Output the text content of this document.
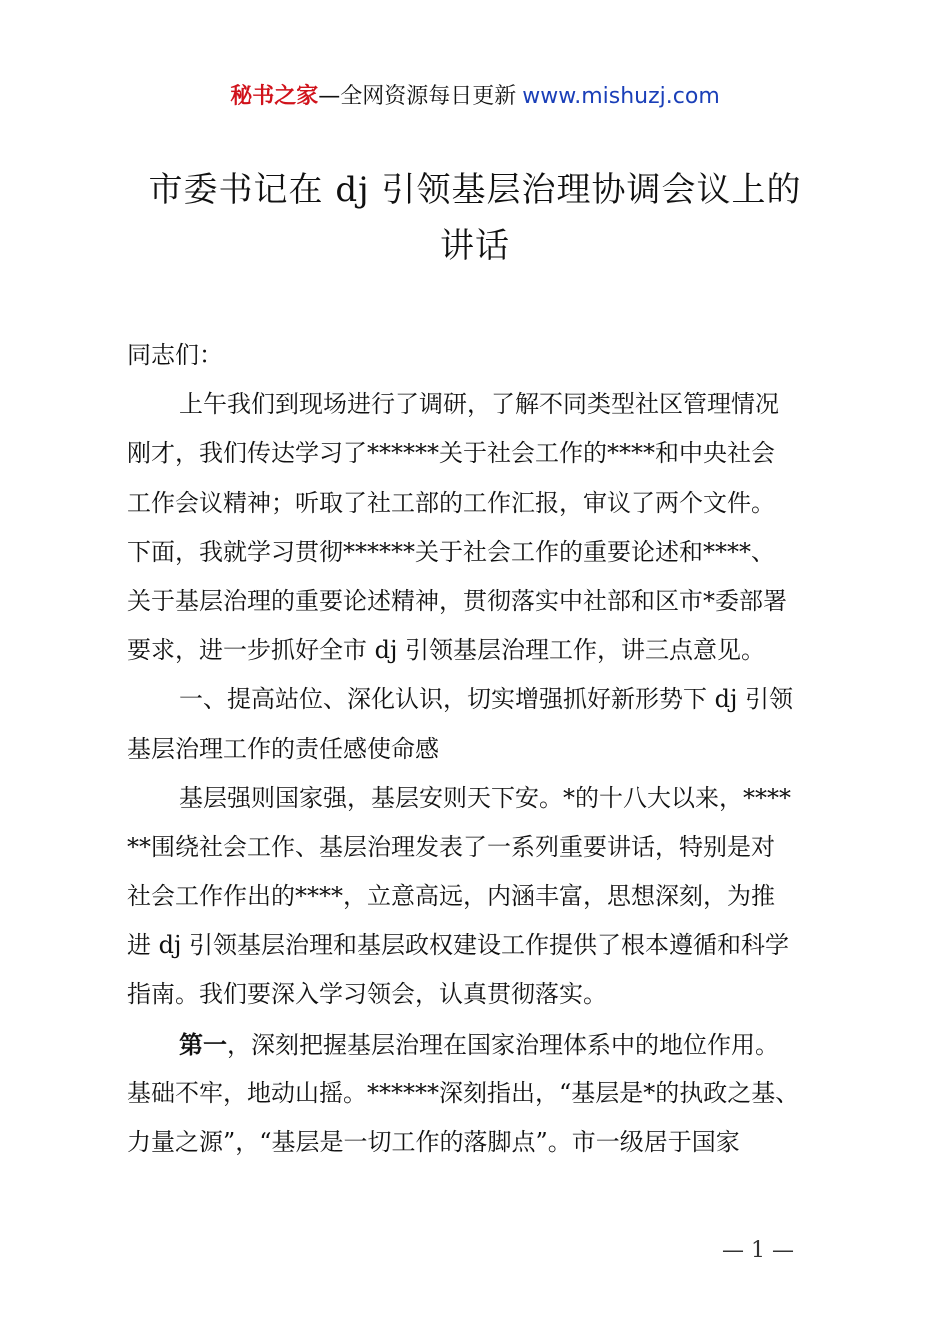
秘书之家—全网资源每日更新 www.mishuzj.com
市委书记在 dj 引领基层治理协调会议上的
讲话
同志们：
上午我们到现场进行了调研，了解不同类型社区管理情况
刚才，我们传达学习了******关于社会工作的****和中央社会
工作会议精神；听取了社工部的工作汇报，审议了两个文件。
下面，我就学习贯彻******关于社会工作的重要论述和****、
关于基层治理的重要论述精神，贯彻落实中社部和区市*委部署
要求，进一步抓好全市 dj 引领基层治理工作，讲三点意见。
一、提高站位、深化认识，切实增强抓好新形势下 dj 引领
基层治理工作的责任感使命感
基层强则国家强，基层安则天下安。*的十八大以来，****
**围绕社会工作、基层治理发表了一系列重要讲话，特别是对
社会工作作出的****，立意高远，内涵丰富，思想深刻，为推
进 dj 引领基层治理和基层政权建设工作提供了根本遵循和科学
指南。我们要深入学习领会，认真贯彻落实。
第一，深刻把握基层治理在国家治理体系中的地位作用。
基础不牢，地动山摇。******深刻指出，“基层是*的执政之基、
力量之源”，“基层是一切工作的落脚点”。市一级居于国家
— 1 —
